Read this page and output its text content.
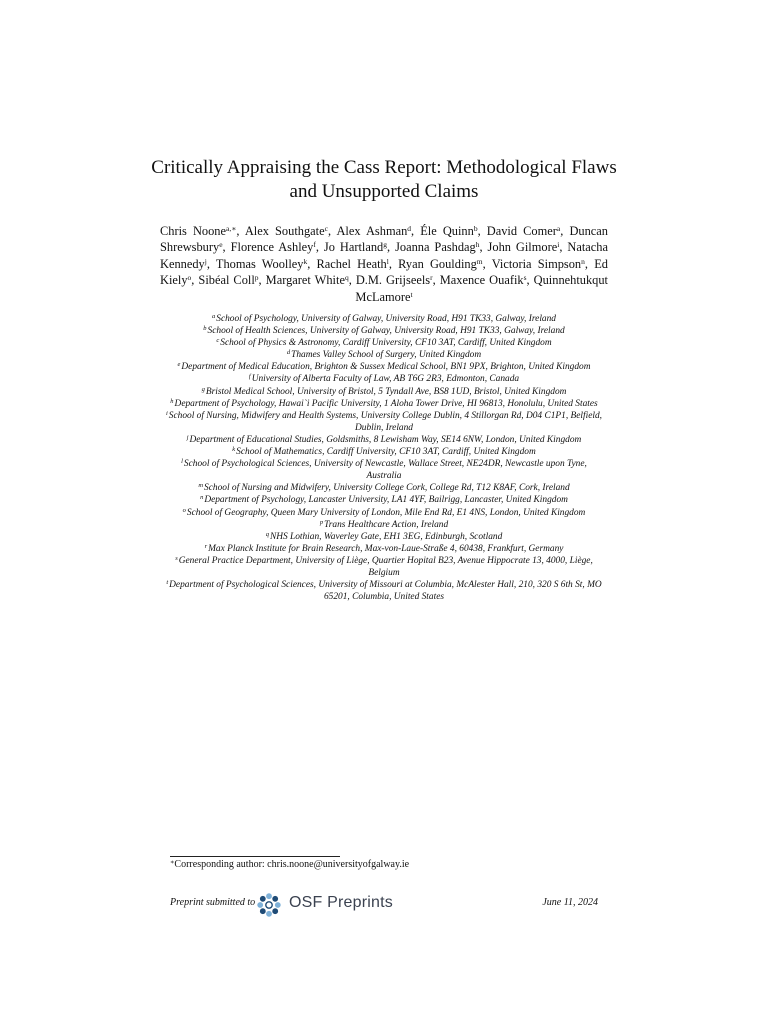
Critically Appraising the Cass Report: Methodological Flaws and Unsupported Claims
Chris Noone$^{a,∗}$, Alex Southgate$^c$, Alex Ashman$^d$, Éle Quinn$^b$, David Comer$^a$, Duncan Shrewsbury$^e$, Florence Ashley$^f$, Jo Hartland$^g$, Joanna Pashdag$^h$, John Gilmore$^i$, Natacha Kennedy$^j$, Thomas Woolley$^k$, Rachel Heath$^l$, Ryan Goulding$^m$, Victoria Simpson$^n$, Ed Kiely$^o$, Sibéal Coll$^p$, Margaret White$^q$, D.M. Grijseels$^r$, Maxence Ouafik$^s$, Quinnehtukqut McLamore$^t$
$^a$School of Psychology, University of Galway, University Road, H91 TK33, Galway, Ireland
$^b$School of Health Sciences, University of Galway, University Road, H91 TK33, Galway, Ireland
$^c$School of Physics & Astronomy, Cardiff University, CF10 3AT, Cardiff, United Kingdom
$^d$Thames Valley School of Surgery, United Kingdom
$^e$Department of Medical Education, Brighton & Sussex Medical School, BN1 9PX, Brighton, United Kingdom
$^f$University of Alberta Faculty of Law, AB T6G 2R3, Edmonton, Canada
$^g$Bristol Medical School, University of Bristol, 5 Tyndall Ave, BS8 1UD, Bristol, United Kingdom
$^h$Department of Psychology, Hawai`i Pacific University, 1 Aloha Tower Drive, HI 96813, Honolulu, United States
$^i$School of Nursing, Midwifery and Health Systems, University College Dublin, 4 Stillorgan Rd, D04 C1P1, Belfield, Dublin, Ireland
$^j$Department of Educational Studies, Goldsmiths, 8 Lewisham Way, SE14 6NW, London, United Kingdom
$^k$School of Mathematics, Cardiff University, CF10 3AT, Cardiff, United Kingdom
$^l$School of Psychological Sciences, University of Newcastle, Wallace Street, NE24DR, Newcastle upon Tyne, Australia
$^m$School of Nursing and Midwifery, University College Cork, College Rd, T12 K8AF, Cork, Ireland
$^n$Department of Psychology, Lancaster University, LA1 4YF, Bailrigg, Lancaster, United Kingdom
$^o$School of Geography, Queen Mary University of London, Mile End Rd, E1 4NS, London, United Kingdom
$^p$Trans Healthcare Action, Ireland
$^q$NHS Lothian, Waverley Gate, EH1 3EG, Edinburgh, Scotland
$^r$Max Planck Institute for Brain Research, Max-von-Laue-Straße 4, 60438, Frankfurt, Germany
$^s$General Practice Department, University of Liège, Quartier Hopital B23, Avenue Hippocrate 13, 4000, Liège, Belgium
$^t$Department of Psychological Sciences, University of Missouri at Columbia, McAlester Hall, 210, 320 S 6th St, MO 65201, Columbia, United States
∗Corresponding author: chris.noone@universityofgalway.ie
Preprint submitted to OSF Preprints	June 11, 2024
